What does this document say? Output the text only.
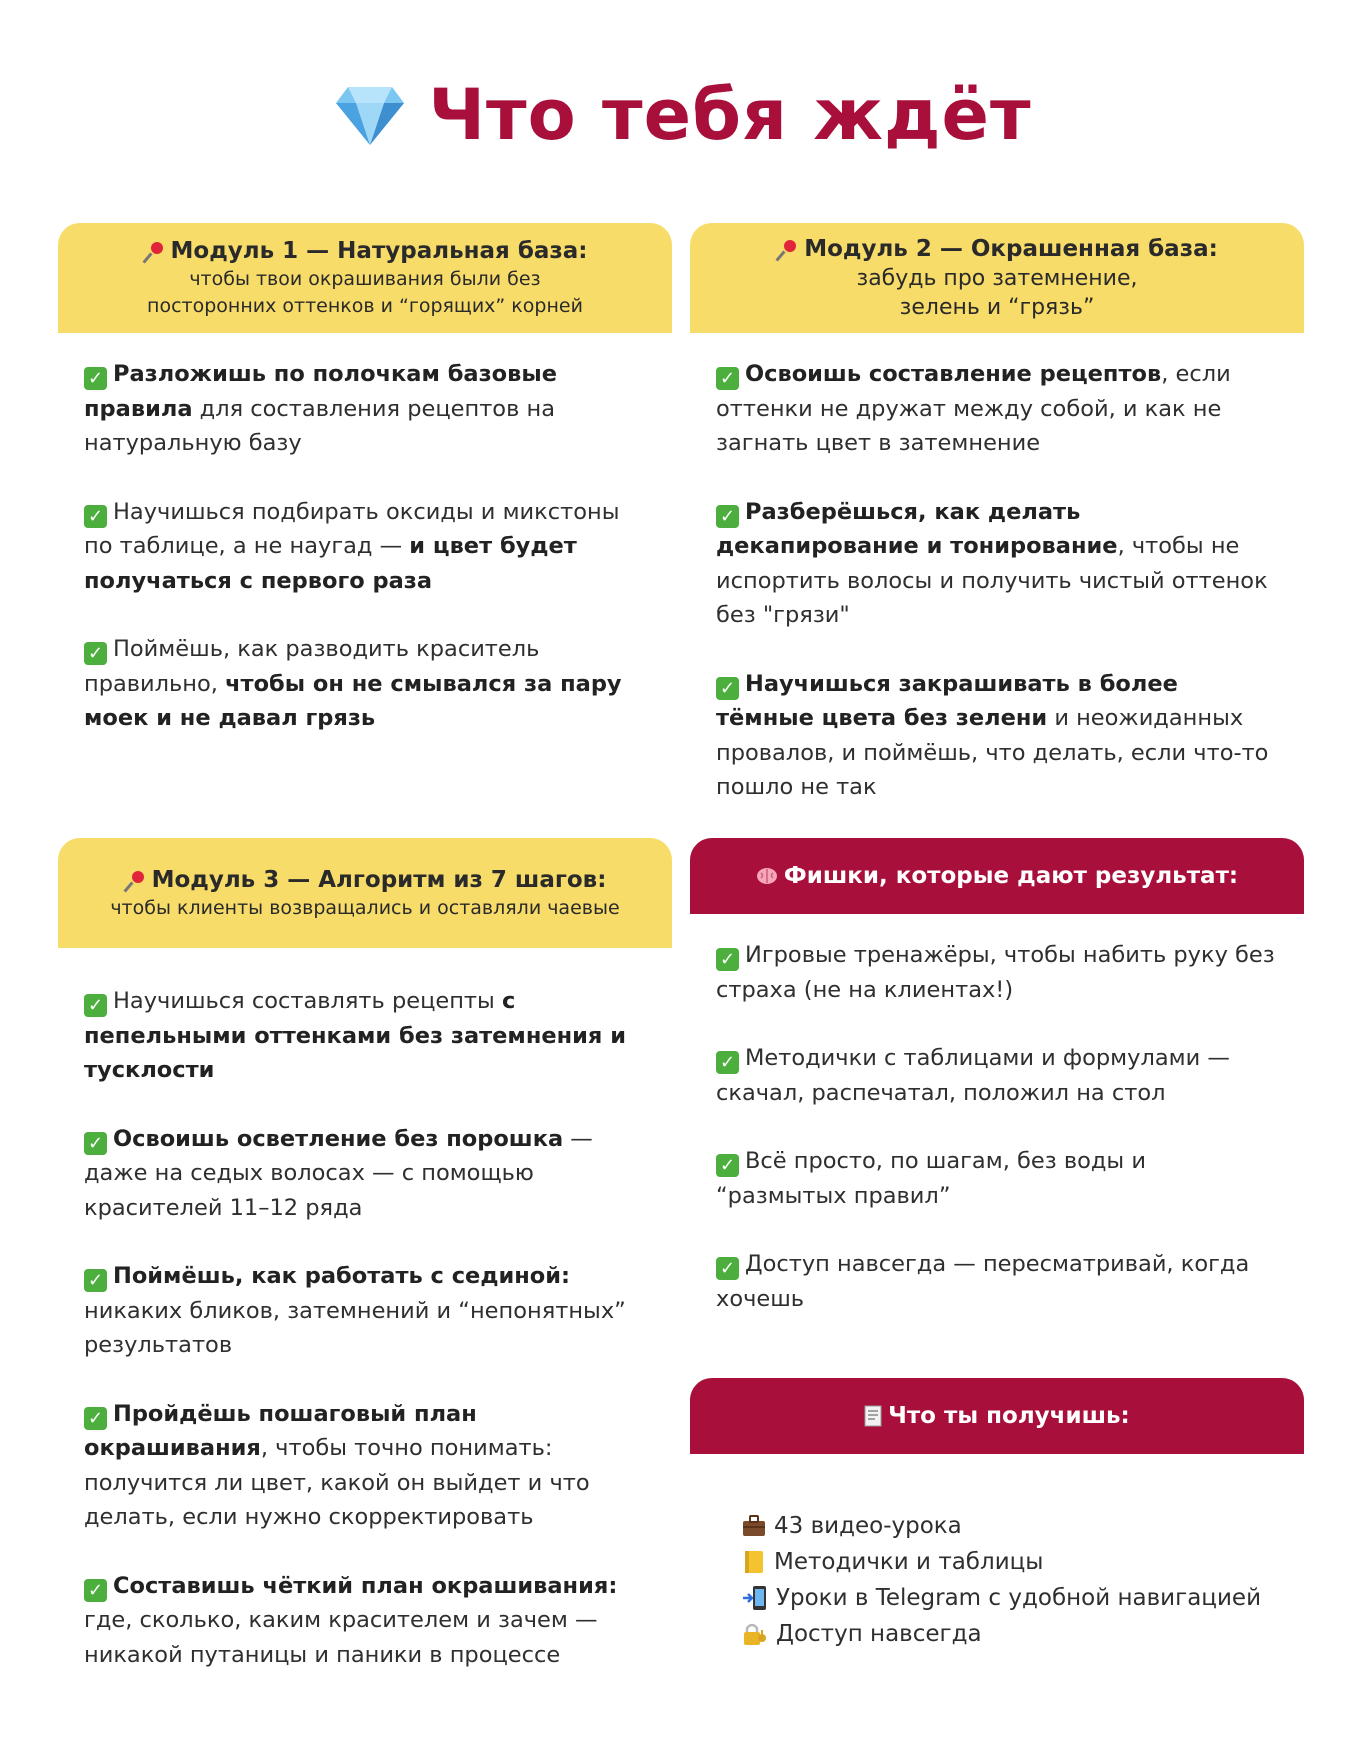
Что тебя ждёт
Модуль 1 — Натуральная база:
чтобы твои окрашивания были без
посторонних оттенков и “горящих” корней
✓ Разложишь по полочкам базовые правила для составления рецептов на натуральную базу
✓ Научишься подбирать оксиды и микстоны по таблице, а не наугад — и цвет будет получаться с первого раза
✓ Поймёшь, как разводить краситель правильно, чтобы он не смывался за пару моек и не давал грязь
Модуль 2 — Окрашенная база:
забудь про затемнение,
зелень и “грязь”
✓ Освоишь составление рецептов, если оттенки не дружат между собой, и как не загнать цвет в затемнение
✓ Разберёшься, как делать декапирование и тонирование, чтобы не испортить волосы и получить чистый оттенок без "грязи"
✓ Научишься закрашивать в более тёмные цвета без зелени и неожиданных провалов, и поймёшь, что делать, если что-то пошло не так
Модуль 3 — Алгоритм из 7 шагов:
чтобы клиенты возвращались и оставляли чаевые
✓ Научишься составлять рецепты с пепельными оттенками без затемнения и тусклости
✓ Освоишь осветление без порошка — даже на седых волосах — с помощью красителей 11–12 ряда
✓ Поймёшь, как работать с сединой: никаких бликов, затемнений и “непонятных” результатов
✓ Пройдёшь пошаговый план окрашивания, чтобы точно понимать: получится ли цвет, какой он выйдет и что делать, если нужно скорректировать
✓ Составишь чёткий план окрашивания: где, сколько, каким красителем и зачем — никакой путаницы и паники в процессе
Фишки, которые дают результат:
✓ Игровые тренажёры, чтобы набить руку без страха (не на клиентах!)
✓ Методички с таблицами и формулами — скачал, распечатал, положил на стол
✓ Всё просто, по шагам, без воды и “размытых правил”
✓ Доступ навсегда — пересматривай, когда хочешь
Что ты получишь:
43 видео-урока
Методички и таблицы
Уроки в Telegram с удобной навигацией
Доступ навсегда
